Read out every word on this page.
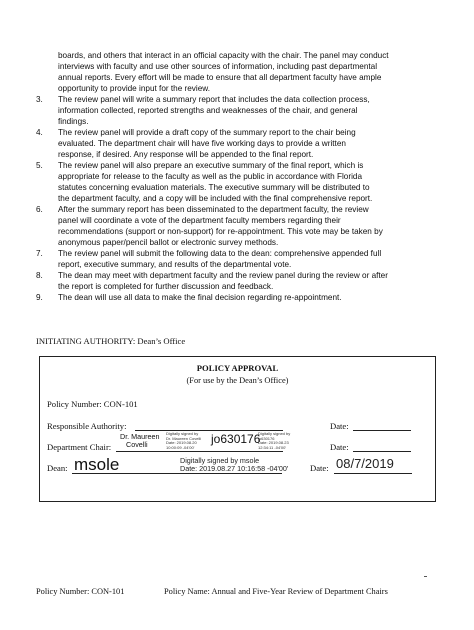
boards, and others that interact in an official capacity with the chair. The panel may conduct
interviews with faculty and use other sources of information, including past departmental
annual reports. Every effort will be made to ensure that all department faculty have ample
opportunity to provide input for the review.
3. The review panel will write a summary report that includes the data collection process,
information collected, reported strengths and weaknesses of the chair, and general
findings.
4. The review panel will provide a draft copy of the summary report to the chair being
evaluated. The department chair will have five working days to provide a written
response, if desired. Any response will be appended to the final report.
5. The review panel will also prepare an executive summary of the final report, which is
appropriate for release to the faculty as well as the public in accordance with Florida
statutes concerning evaluation materials. The executive summary will be distributed to
the department faculty, and a copy will be included with the final comprehensive report.
6. After the summary report has been disseminated to the department faculty, the review
panel will coordinate a vote of the department faculty members regarding their
recommendations (support or non-support) for re-appointment. This vote may be taken by
anonymous paper/pencil ballot or electronic survey methods.
7. The review panel will submit the following data to the dean: comprehensive appended full
report, executive summary, and results of the departmental vote.
8. The dean may meet with department faculty and the review panel during the review or after
the report is completed for further discussion and feedback.
9. The dean will use all data to make the final decision regarding re-appointment.
INITIATING AUTHORITY: Dean’s Office
POLICY APPROVAL
(For use by the Dean’s Office)
Policy Number: CON-101
Responsible Authority:	Date:
Department Chair:
Dr. Maureen
Covelli
Digitally signed by
Dr. Maureen Covelli
Date: 2019.08.20
10:00:09 -04'00'
jo630176
Digitally signed by
jo630176
Date: 2019.08.23
12:34:11 -04'00'	Date:
Dean: msole	Digitally signed by msole
Date: 2019.08.27 10:16:58 -04'00'	Date: 08/7/2019
Policy Number: CON-101	Policy Name: Annual and Five-Year Review of Department Chairs
